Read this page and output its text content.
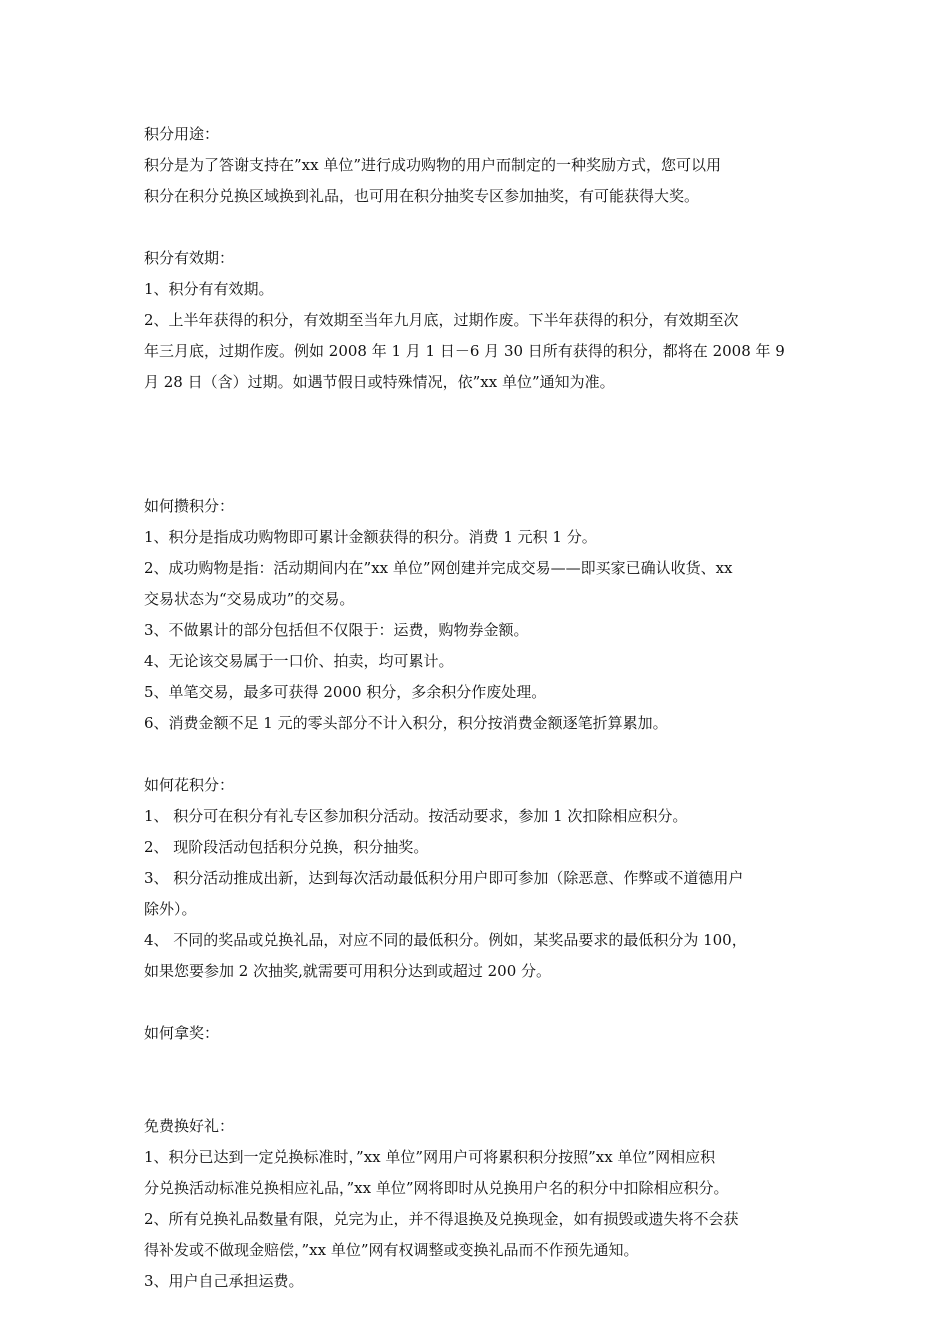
积分用途：
积分是为了答谢支持在”xx 单位”进行成功购物的用户而制定的一种奖励方式，您可以用
积分在积分兑换区域换到礼品，也可用在积分抽奖专区参加抽奖，有可能获得大奖。
积分有效期：
1、积分有有效期。
2、上半年获得的积分，有效期至当年九月底，过期作废。下半年获得的积分，有效期至次
年三月底，过期作废。例如 2008 年 1 月 1 日－6 月 30 日所有获得的积分，都将在 2008 年 9
月 28 日（含）过期。如遇节假日或特殊情况，依”xx 单位”通知为准。
如何攒积分：
1、积分是指成功购物即可累计金额获得的积分。消费 1 元积 1 分。
2、成功购物是指：活动期间内在”xx 单位”网创建并完成交易——即买家已确认收货、xx
交易状态为“交易成功”的交易。
3、不做累计的部分包括但不仅限于：运费，购物券金额。
4、无论该交易属于一口价、拍卖，均可累计。
5、单笔交易，最多可获得 2000 积分，多余积分作废处理。
6、消费金额不足 1 元的零头部分不计入积分，积分按消费金额逐笔折算累加。
如何花积分：
1、 积分可在积分有礼专区参加积分活动。按活动要求，参加 1 次扣除相应积分。
2、 现阶段活动包括积分兑换，积分抽奖。
3、 积分活动推成出新，达到每次活动最低积分用户即可参加（除恶意、作弊或不道德用户
除外）。
4、 不同的奖品或兑换礼品，对应不同的最低积分。例如，某奖品要求的最低积分为 100，
如果您要参加 2 次抽奖,就需要可用积分达到或超过 200 分。
如何拿奖：
免费换好礼：
1、积分已达到一定兑换标准时，”xx 单位”网用户可将累积积分按照”xx 单位”网相应积
分兑换活动标准兑换相应礼品，”xx 单位”网将即时从兑换用户名的积分中扣除相应积分。
2、所有兑换礼品数量有限，兑完为止，并不得退换及兑换现金，如有损毁或遗失将不会获
得补发或不做现金赔偿，”xx 单位”网有权调整或变换礼品而不作预先通知。
3、用户自己承担运费。
